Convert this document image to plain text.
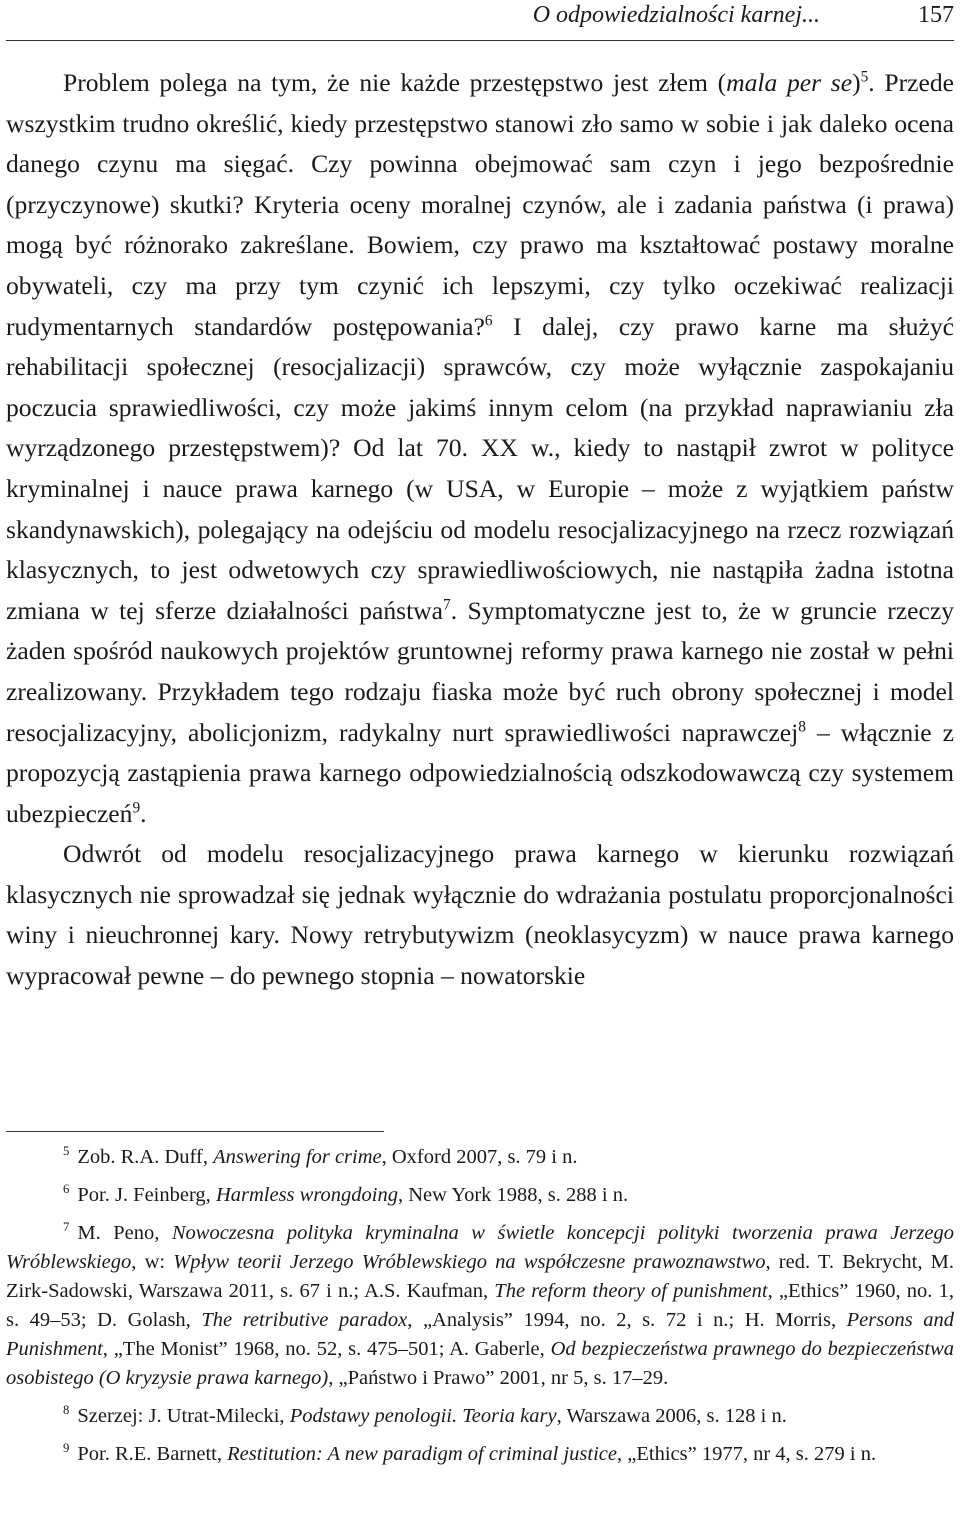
O odpowiedzialności karnej...	157

Problem polega na tym, że nie każde przestępstwo jest złem (mala per se)$^5$. Przede wszystkim trudno określić, kiedy przestępstwo stanowi zło samo w sobie i jak daleko ocena danego czynu ma sięgać. Czy powinna obejmować sam czyn i jego bezpośrednie (przyczynowe) skutki? Kryteria oceny moralnej czynów, ale i zadania państwa (i prawa) mogą być różnorako zakreślane. Bowiem, czy prawo ma kształtować postawy moralne obywateli, czy ma przy tym czynić ich lepszymi, czy tylko oczekiwać realizacji rudymentarnych standardów postępowania?$^6$ I dalej, czy prawo karne ma służyć rehabilitacji społecznej (resocjalizacji) sprawców, czy może wyłącznie zaspokajaniu poczucia sprawiedliwości, czy może jakimś innym celom (na przykład naprawianiu zła wyrządzonego przestępstwem)? Od lat 70. XX w., kiedy to nastąpił zwrot w polityce kryminalnej i nauce prawa karnego (w USA, w Europie – może z wyjątkiem państw skandynawskich), polegający na odejściu od modelu resocjalizacyjnego na rzecz rozwiązań klasycznych, to jest odwetowych czy sprawiedliwościowych, nie nastąpiła żadna istotna zmiana w tej sferze działalności państwa$^7$. Symptomatyczne jest to, że w gruncie rzeczy żaden spośród naukowych projektów gruntownej reformy prawa karnego nie został w pełni zrealizowany. Przykładem tego rodzaju fiaska może być ruch obrony społecznej i model resocjalizacyjny, abolicjonizm, radykalny nurt sprawiedliwości naprawczej$^8$ – włącznie z propozycją zastąpienia prawa karnego odpowiedzialnością odszkodowawczą czy systemem ubezpieczeń$^9$.

Odwrót od modelu resocjalizacyjnego prawa karnego w kierunku rozwiązań klasycznych nie sprowadzał się jednak wyłącznie do wdrażania postulatu proporcjonalności winy i nieuchronnej kary. Nowy retrybutywizm (neoklasycyzm) w nauce prawa karnego wypracował pewne – do pewnego stopnia – nowatorskie

$^5$ Zob. R.A. Duff, Answering for crime, Oxford 2007, s. 79 i n.

$^6$ Por. J. Feinberg, Harmless wrongdoing, New York 1988, s. 288 i n.

$^7$ M. Peno, Nowoczesna polityka kryminalna w świetle koncepcji polityki tworzenia prawa Jerzego Wróblewskiego, w: Wpływ teorii Jerzego Wróblewskiego na współczesne prawoznawstwo, red. T. Bekrycht, M. Zirk-Sadowski, Warszawa 2011, s. 67 i n.; A.S. Kaufman, The reform theory of punishment, „Ethics” 1960, no. 1, s. 49–53; D. Golash, The retributive paradox, „Analysis” 1994, no. 2, s. 72 i n.; H. Morris, Persons and Punishment, „The Monist” 1968, no. 52, s. 475–501; A. Gaberle, Od bezpieczeństwa prawnego do bezpieczeństwa osobistego (O kryzysie prawa karnego), „Państwo i Prawo” 2001, nr 5, s. 17–29.

$^8$ Szerzej: J. Utrat-Milecki, Podstawy penologii. Teoria kary, Warszawa 2006, s. 128 i n.

$^9$ Por. R.E. Barnett, Restitution: A new paradigm of criminal justice, „Ethics” 1977, nr 4, s. 279 i n.
